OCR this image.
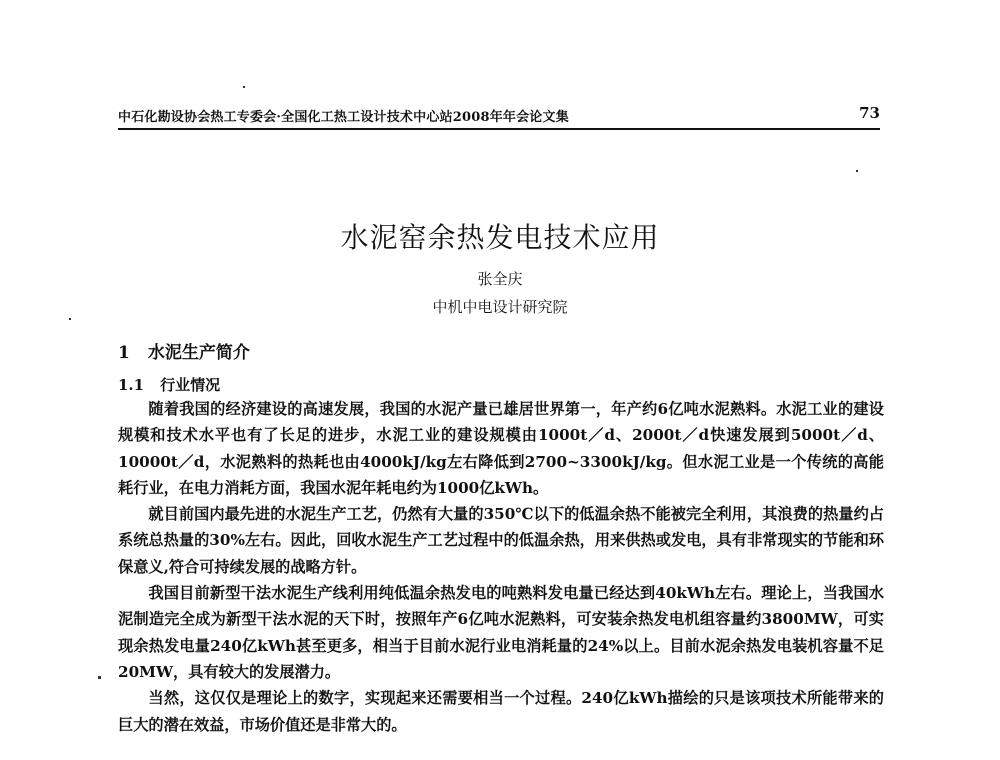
中石化勘设协会热工专委会·全国化工热工设计技术中心站2008年年会论文集	73
水泥窑余热发电技术应用
张全庆
中机中电设计研究院
1 水泥生产简介
1.1 行业情况

随着我国的经济建设的高速发展，我国的水泥产量已雄居世界第一，年产约6亿吨水泥熟料。水泥工业的建设规模和技术水平也有了长足的进步，水泥工业的建设规模由1000t／d、2000t／d快速发展到5000t／d、10000t／d，水泥熟料的热耗也由4000kJ/kg左右降低到2700~3300kJ/kg。但水泥工业是一个传统的高能耗行业，在电力消耗方面，我国水泥年耗电约为1000亿kWh。

就目前国内最先进的水泥生产工艺，仍然有大量的350℃以下的低温余热不能被完全利用，其浪费的热量约占系统总热量的30%左右。因此，回收水泥生产工艺过程中的低温余热，用来供热或发电，具有非常现实的节能和环保意义,符合可持续发展的战略方针。

我国目前新型干法水泥生产线利用纯低温余热发电的吨熟料发电量已经达到40kWh左右。理论上，当我国水泥制造完全成为新型干法水泥的天下时，按照年产6亿吨水泥熟料，可安装余热发电机组容量约3800MW，可实现余热发电量240亿kWh甚至更多，相当于目前水泥行业电消耗量的24%以上。目前水泥余热发电装机容量不足20MW，具有较大的发展潜力。

当然，这仅仅是理论上的数字，实现起来还需要相当一个过程。240亿kWh描绘的只是该项技术所能带来的巨大的潜在效益，市场价值还是非常大的。
